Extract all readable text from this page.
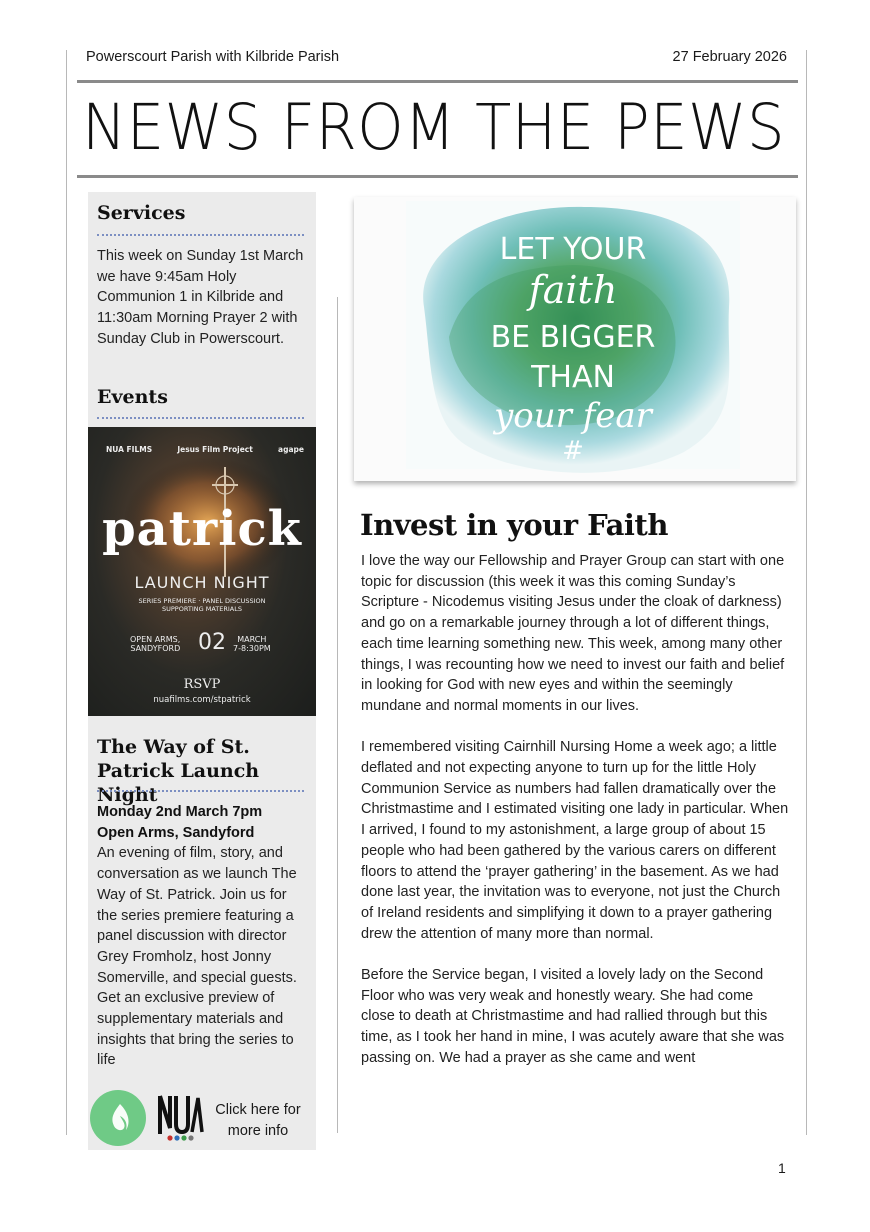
Powerscourt Parish with Kilbride Parish	27 February 2026
NEWS FROM THE PEWS
Services
This week on Sunday 1st March we have 9:45am Holy Communion 1 in Kilbride and 11:30am Morning Prayer 2 with Sunday Club in Powerscourt.
Events
NUA FILMS	Jesus Film Project	agape
patrick
LAUNCH NIGHT
SERIES PREMIERE · PANEL DISCUSSION
SUPPORTING MATERIALS
OPEN ARMS,
SANDYFORD 02	MARCH
7-8:30PM
RSVP
nuafilms.com/stpatrick
The Way of St. Patrick Launch Night
Monday 2nd March 7pm
Open Arms, Sandyford
An evening of film, story, and conversation as we launch The Way of St. Patrick. Join us for the series premiere featuring a panel discussion with director Grey Fromholz, host Jonny Somerville, and special guests. Get an exclusive preview of supplementary materials and insights that bring the series to life
Click here for more info
LET YOUR
faith
BE BIGGER
THAN
your fear
#
Invest in your Faith

I love the way our Fellowship and Prayer Group can start with one topic for discussion (this week it was this coming Sunday’s Scripture - Nicodemus visiting Jesus under the cloak of darkness) and go on a remarkable journey through a lot of different things, each time learning something new. This week, among many other things, I was recounting how we need to invest our faith and belief in looking for God with new eyes and within the seemingly mundane and normal moments in our lives.

I remembered visiting Cairnhill Nursing Home a week ago; a little deflated and not expecting anyone to turn up for the little Holy Communion Service as numbers had fallen dramatically over the Christmastime and I estimated visiting one lady in particular. When I arrived, I found to my astonishment, a large group of about 15 people who had been gathered by the various carers on different floors to attend the ‘prayer gathering’ in the basement. As we had done last year, the invitation was to everyone, not just the Church of Ireland residents and simplifying it down to a prayer gathering drew the attention of many more than normal.

Before the Service began, I visited a lovely lady on the Second Floor who was very weak and honestly weary. She had come close to death at Christmastime and had rallied through but this time, as I took her hand in mine, I was acutely aware that she was passing on. We had a prayer as she came and went

1
